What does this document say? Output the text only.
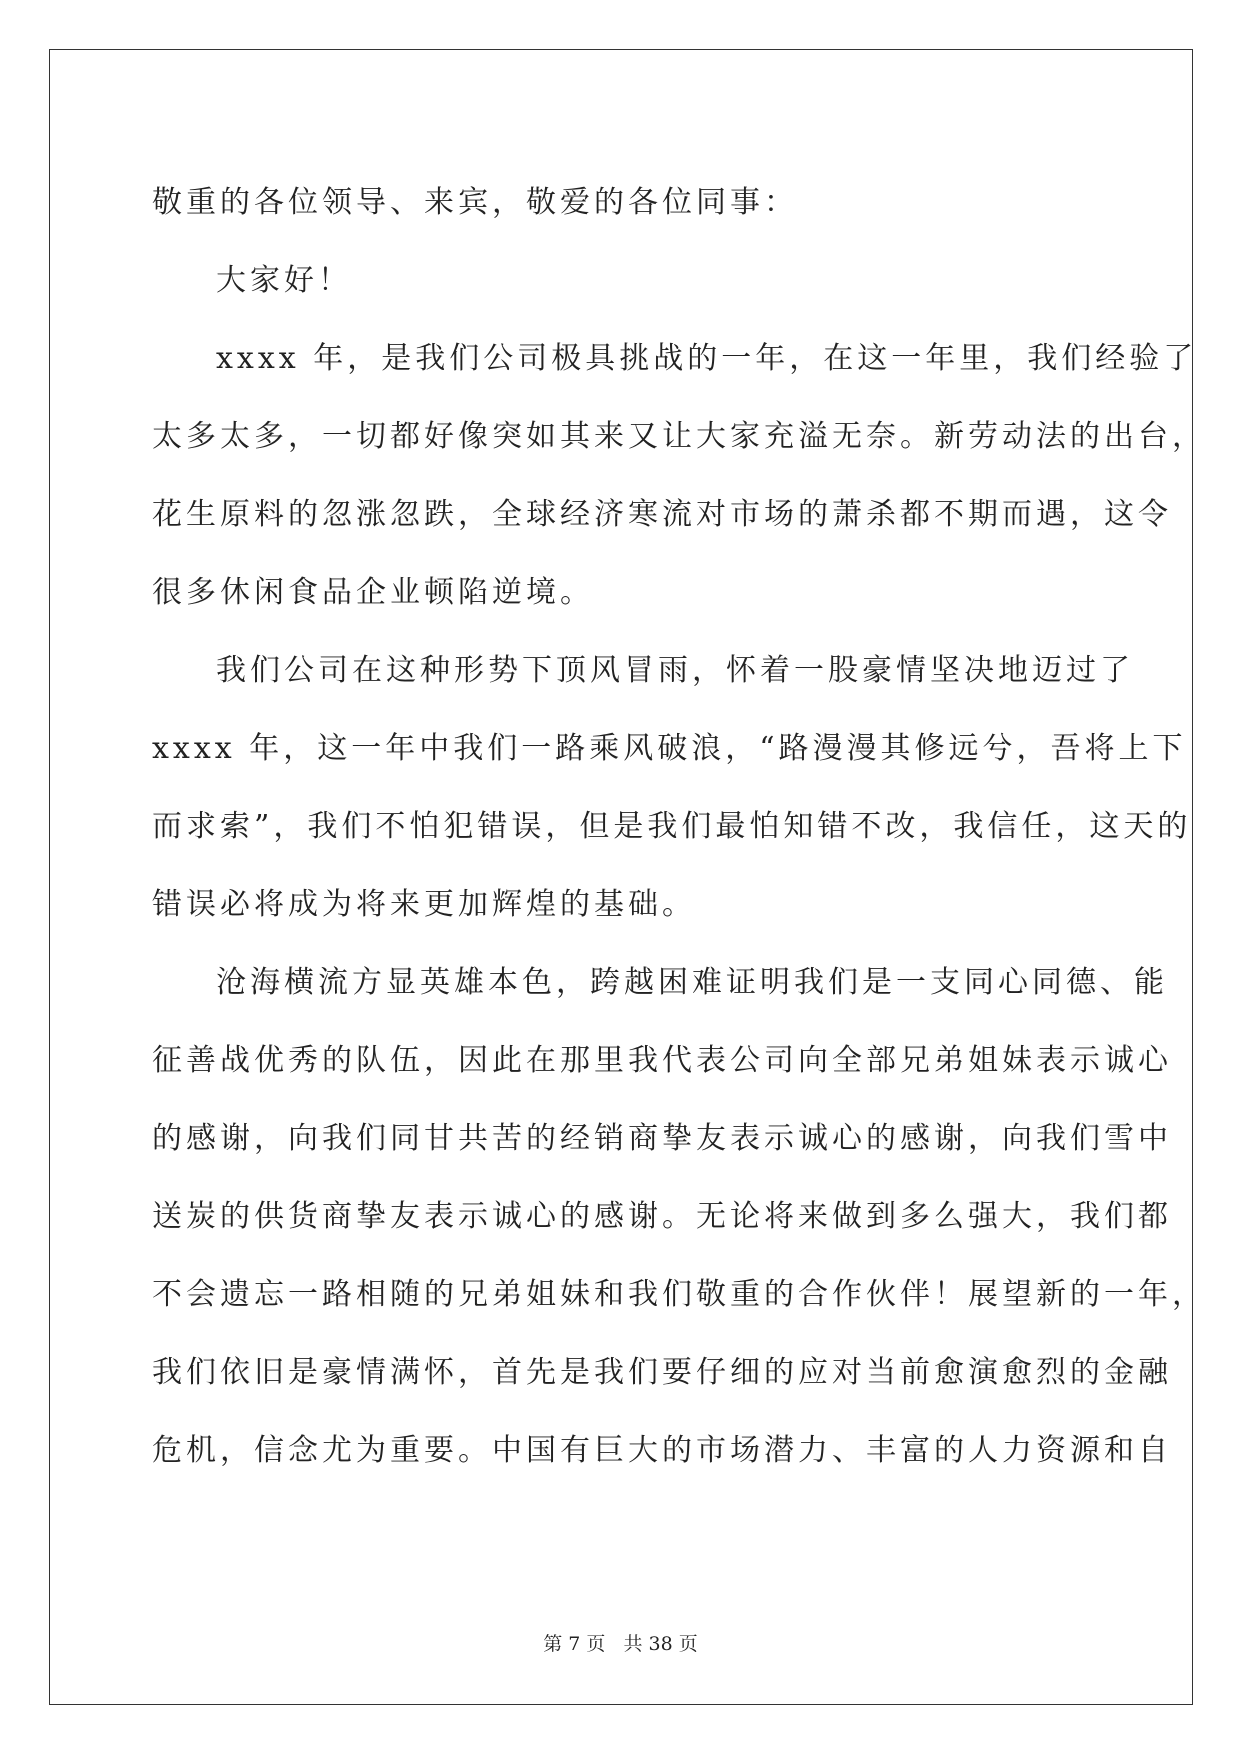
敬重的各位领导、来宾，敬爱的各位同事：

大家好！

xxxx 年，是我们公司极具挑战的一年，在这一年里，我们经验了

太多太多，一切都好像突如其来又让大家充溢无奈。新劳动法的出台，

花生原料的忽涨忽跌，全球经济寒流对市场的萧杀都不期而遇，这令

很多休闲食品企业顿陷逆境。

我们公司在这种形势下顶风冒雨，怀着一股豪情坚决地迈过了

xxxx 年，这一年中我们一路乘风破浪，“路漫漫其修远兮，吾将上下

而求索”，我们不怕犯错误，但是我们最怕知错不改，我信任，这天的

错误必将成为将来更加辉煌的基础。

沧海横流方显英雄本色，跨越困难证明我们是一支同心同德、能

征善战优秀的队伍，因此在那里我代表公司向全部兄弟姐妹表示诚心

的感谢，向我们同甘共苦的经销商挚友表示诚心的感谢，向我们雪中

送炭的供货商挚友表示诚心的感谢。无论将来做到多么强大，我们都

不会遗忘一路相随的兄弟姐妹和我们敬重的合作伙伴！展望新的一年，

我们依旧是豪情满怀，首先是我们要仔细的应对当前愈演愈烈的金融

危机，信念尤为重要。中国有巨大的市场潜力、丰富的人力资源和自

第 7 页   共 38 页
